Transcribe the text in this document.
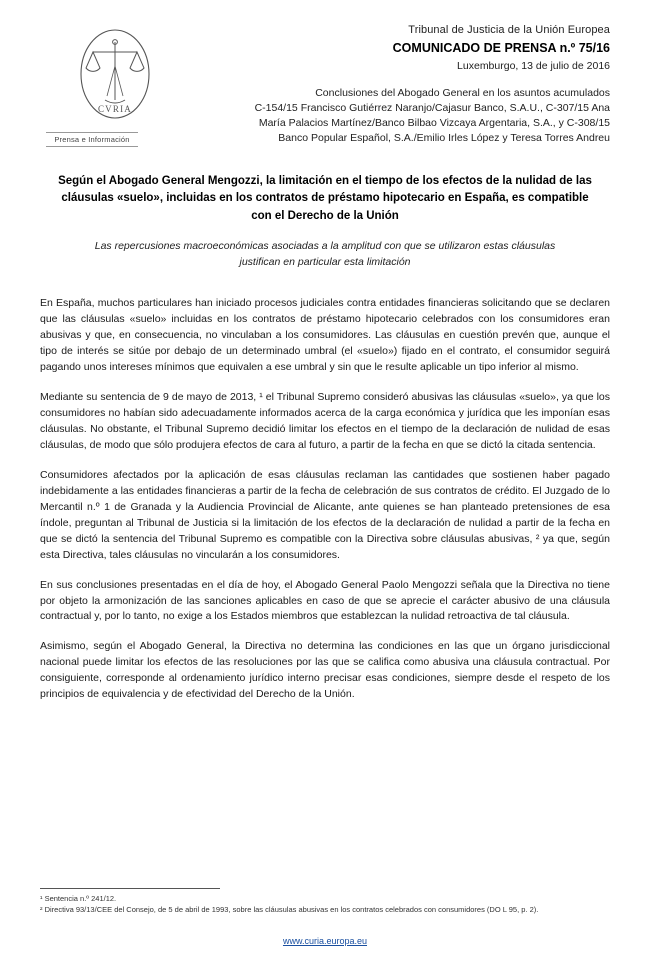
CVRIA
Prensa e Información
Tribunal de Justicia de la Unión Europea
COMUNICADO DE PRENSA n.º 75/16
Luxemburgo, 13 de julio de 2016
Conclusiones del Abogado General en los asuntos acumulados
C-154/15 Francisco Gutiérrez Naranjo/Cajasur Banco, S.A.U., C-307/15 Ana
María Palacios Martínez/Banco Bilbao Vizcaya Argentaria, S.A., y C-308/15
Banco Popular Español, S.A./Emilio Irles López y Teresa Torres Andreu
Según el Abogado General Mengozzi, la limitación en el tiempo de los efectos de la nulidad de las cláusulas «suelo», incluidas en los contratos de préstamo hipotecario en España, es compatible con el Derecho de la Unión
Las repercusiones macroeconómicas asociadas a la amplitud con que se utilizaron estas cláusulas justifican en particular esta limitación

En España, muchos particulares han iniciado procesos judiciales contra entidades financieras solicitando que se declaren que las cláusulas «suelo» incluidas en los contratos de préstamo hipotecario celebrados con los consumidores eran abusivas y que, en consecuencia, no vinculaban a los consumidores. Las cláusulas en cuestión prevén que, aunque el tipo de interés se sitúe por debajo de un determinado umbral (el «suelo») fijado en el contrato, el consumidor seguirá pagando unos intereses mínimos que equivalen a ese umbral y sin que le resulte aplicable un tipo inferior al mismo.

Mediante su sentencia de 9 de mayo de 2013, ¹ el Tribunal Supremo consideró abusivas las cláusulas «suelo», ya que los consumidores no habían sido adecuadamente informados acerca de la carga económica y jurídica que les imponían esas cláusulas. No obstante, el Tribunal Supremo decidió limitar los efectos en el tiempo de la declaración de nulidad de esas cláusulas, de modo que sólo produjera efectos de cara al futuro, a partir de la fecha en que se dictó la citada sentencia.

Consumidores afectados por la aplicación de esas cláusulas reclaman las cantidades que sostienen haber pagado indebidamente a las entidades financieras a partir de la fecha de celebración de sus contratos de crédito. El Juzgado de lo Mercantil n.º 1 de Granada y la Audiencia Provincial de Alicante, ante quienes se han planteado pretensiones de esa índole, preguntan al Tribunal de Justicia si la limitación de los efectos de la declaración de nulidad a partir de la fecha en que se dictó la sentencia del Tribunal Supremo es compatible con la Directiva sobre cláusulas abusivas, ² ya que, según esta Directiva, tales cláusulas no vincularán a los consumidores.

En sus conclusiones presentadas en el día de hoy, el Abogado General Paolo Mengozzi señala que la Directiva no tiene por objeto la armonización de las sanciones aplicables en caso de que se aprecie el carácter abusivo de una cláusula contractual y, por lo tanto, no exige a los Estados miembros que establezcan la nulidad retroactiva de tal cláusula.

Asimismo, según el Abogado General, la Directiva no determina las condiciones en las que un órgano jurisdiccional nacional puede limitar los efectos de las resoluciones por las que se califica como abusiva una cláusula contractual. Por consiguiente, corresponde al ordenamiento jurídico interno precisar esas condiciones, siempre desde el respeto de los principios de equivalencia y de efectividad del Derecho de la Unión.

¹ Sentencia n.º 241/12.
² Directiva 93/13/CEE del Consejo, de 5 de abril de 1993, sobre las cláusulas abusivas en los contratos celebrados con consumidores (DO L 95, p. 2).
www.curia.europa.eu
